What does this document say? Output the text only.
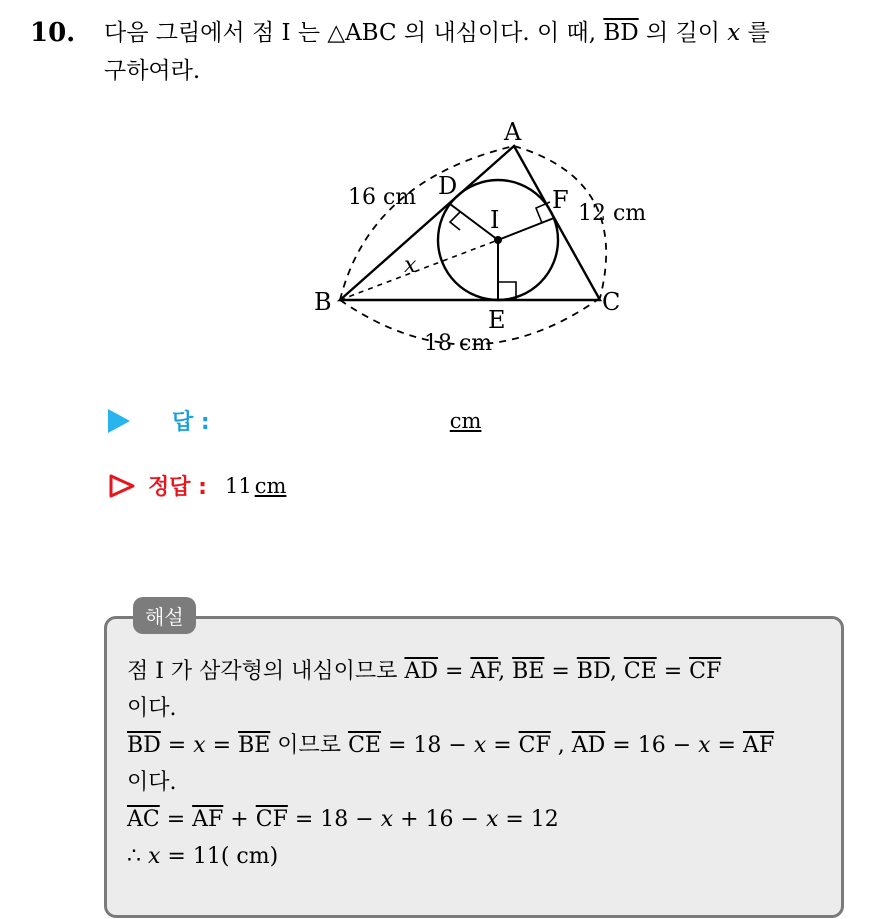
10. 다음 그림에서 점 I 는 △ABC 의 내심이다. 이 때, $\overline{BD}$ 의 길이 x 를
구하여라.
A
B	C
D
E
F
I
x
16 cm
12 cm
18 cm
답 :	cm
정답 : 11 cm
해설
점 I 가 삼각형의 내심이므로 $\overline{AD} = \overline{AF}$, $\overline{BE} = \overline{BD}$, $\overline{CE} = \overline{CF}$
이다.
$\overline{BD} = x = \overline{BE}$ 이므로 $\overline{CE} = 18 - x = \overline{CF}$ , $\overline{AD} = 16 - x = \overline{AF}$
이다.
$\overline{AC} = \overline{AF} + \overline{CF} = 18 - x + 16 - x = 12$
∴ x = 11( cm)
